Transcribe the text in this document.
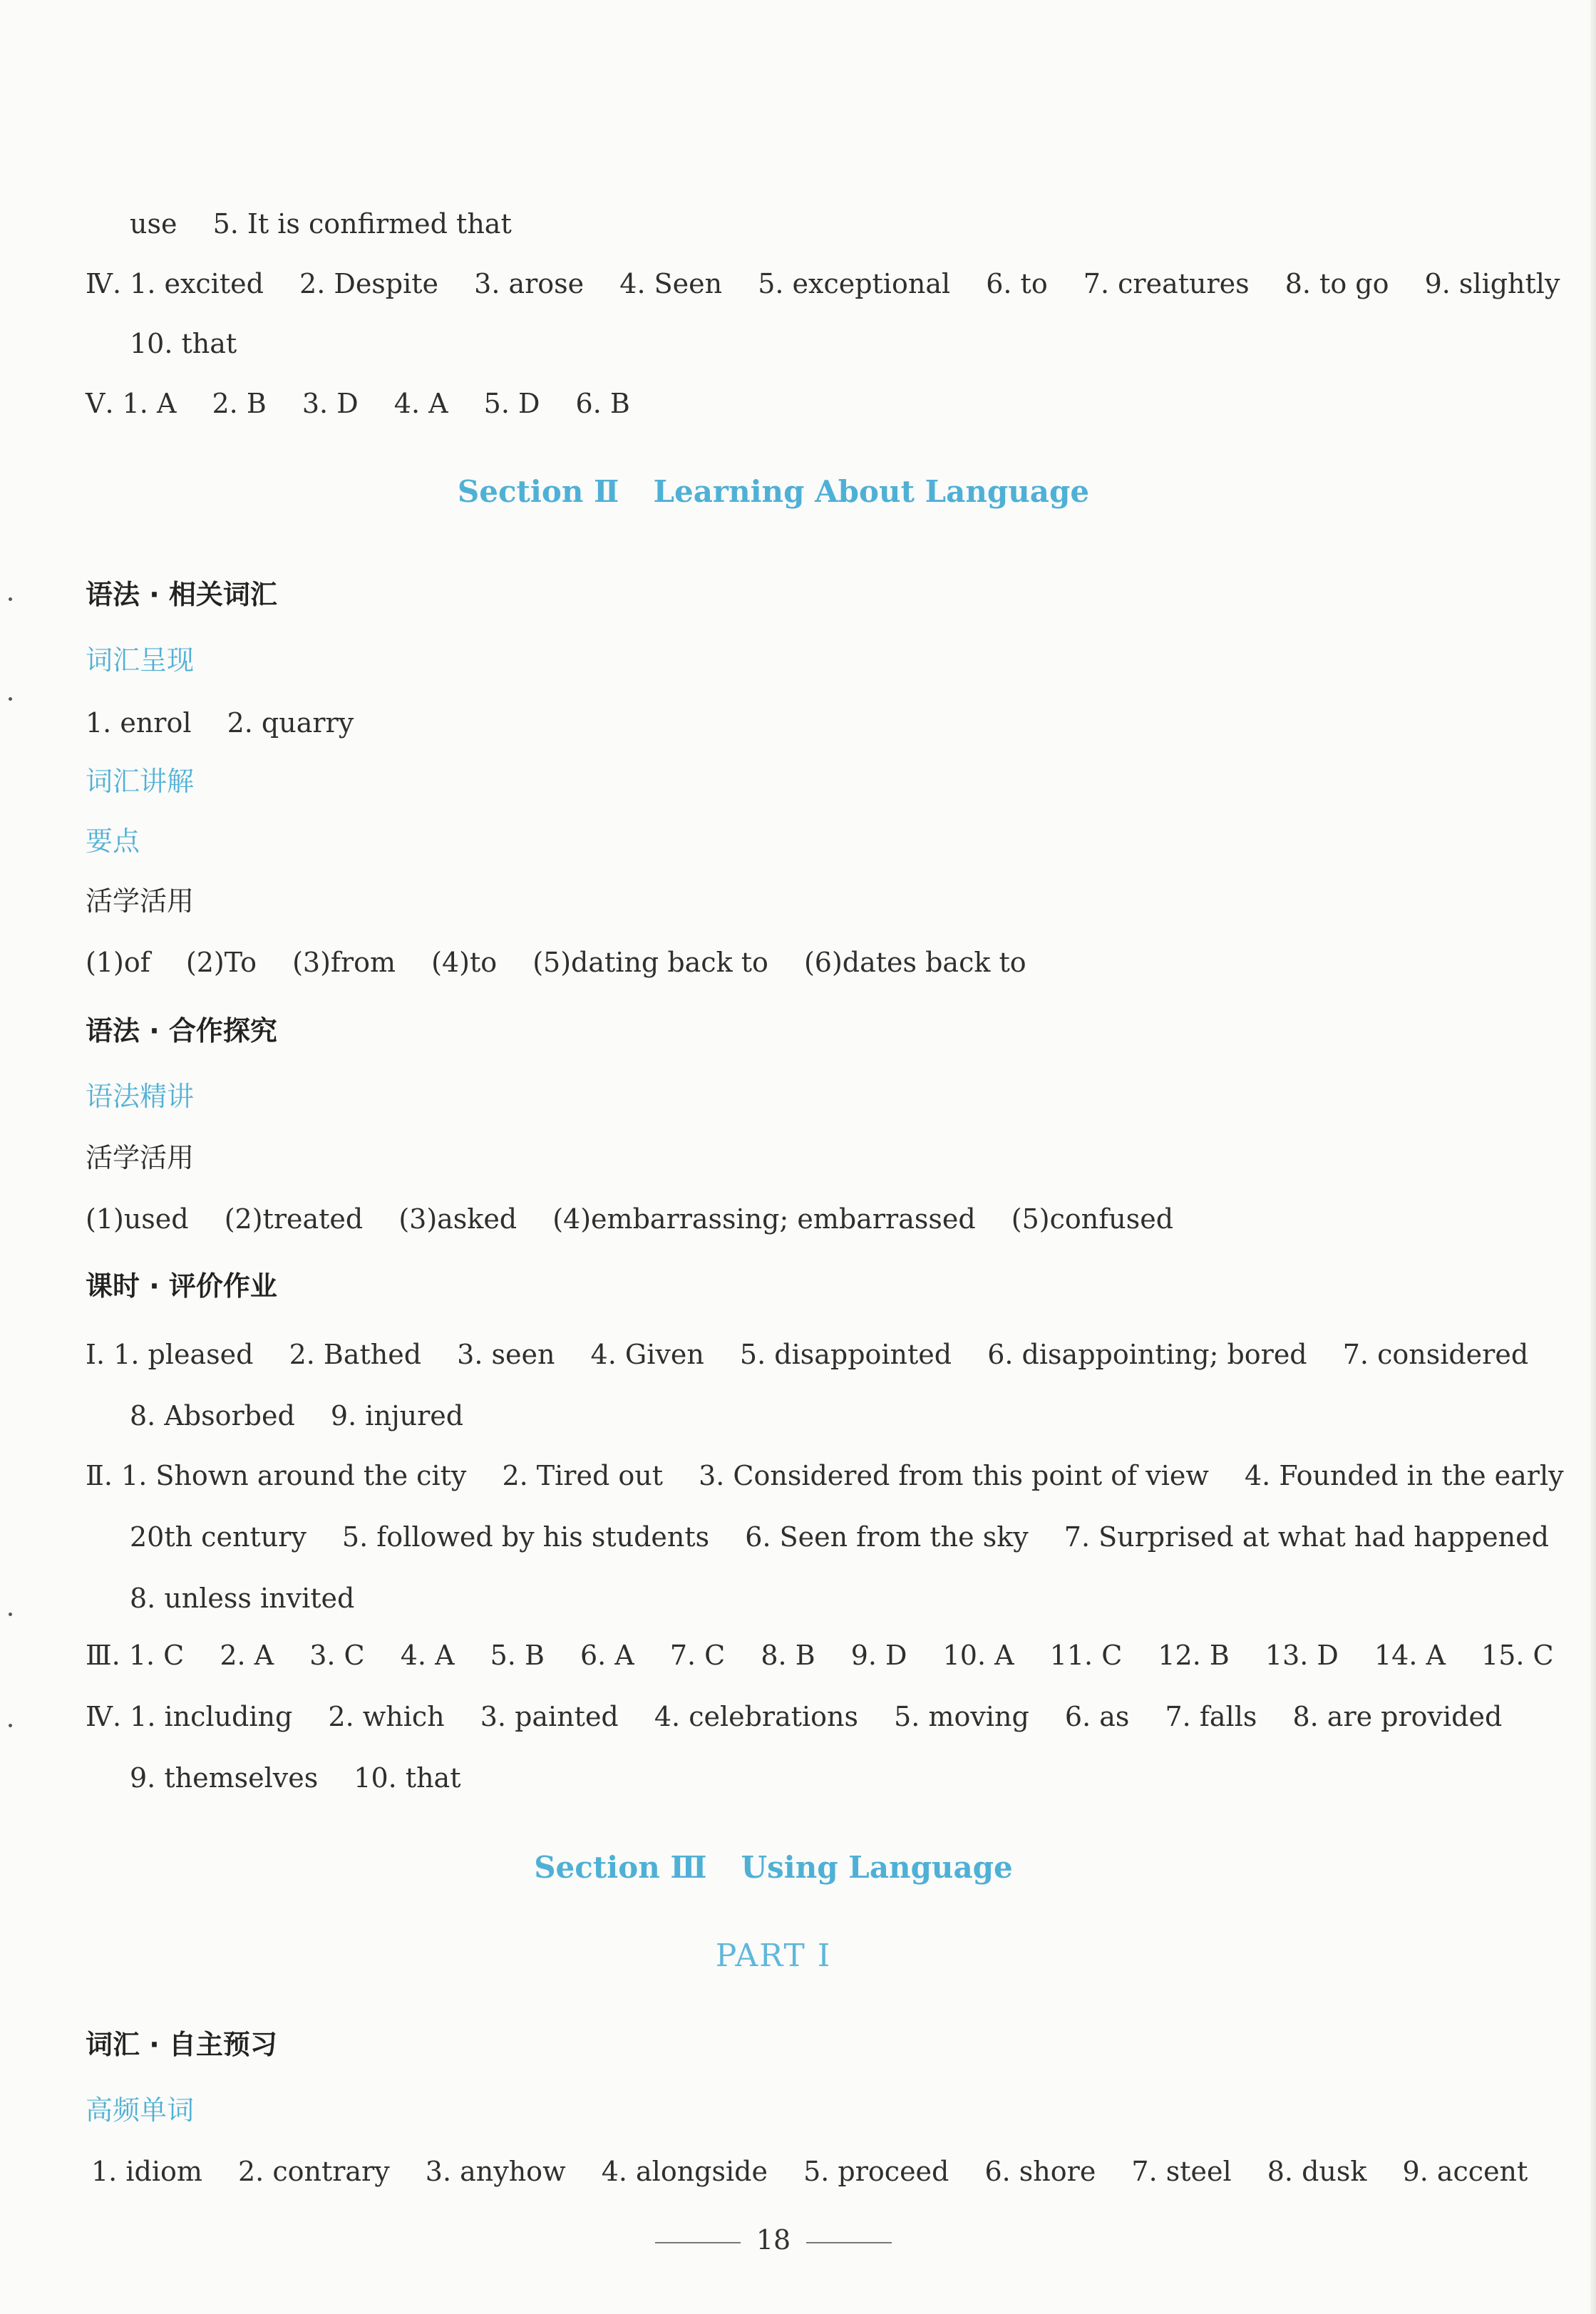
use 5. It is confirmed that
Ⅳ. 1. excited 2. Despite 3. arose 4. Seen 5. exceptional 6. to 7. creatures 8. to go 9. slightly
10. that
Ⅴ. 1. A 2. B 3. D 4. A 5. D 6. B
Section Ⅱ Learning About Language
语法 · 相关词汇
词汇呈现
1. enrol 2. quarry
词汇讲解
要点
活学活用
(1)of (2)To (3)from (4)to (5)dating back to (6)dates back to
语法 · 合作探究
语法精讲
活学活用
(1)used (2)treated (3)asked (4)embarrassing; embarrassed (5)confused
课时 · 评价作业
Ⅰ. 1. pleased 2. Bathed 3. seen 4. Given 5. disappointed 6. disappointing; bored 7. considered
8. Absorbed 9. injured
Ⅱ. 1. Shown around the city 2. Tired out 3. Considered from this point of view 4. Founded in the early
20th century 5. followed by his students 6. Seen from the sky 7. Surprised at what had happened
8. unless invited
Ⅲ. 1. C 2. A 3. C 4. A 5. B 6. A 7. C 8. B 9. D 10. A 11. C 12. B 13. D 14. A 15. C
Ⅳ. 1. including 2. which 3. painted 4. celebrations 5. moving 6. as 7. falls 8. are provided
9. themselves 10. that
Section Ⅲ Using Language
PART Ⅰ
词汇 · 自主预习
高频单词
1. idiom 2. contrary 3. anyhow 4. alongside 5. proceed 6. shore 7. steel 8. dusk 9. accent
18
